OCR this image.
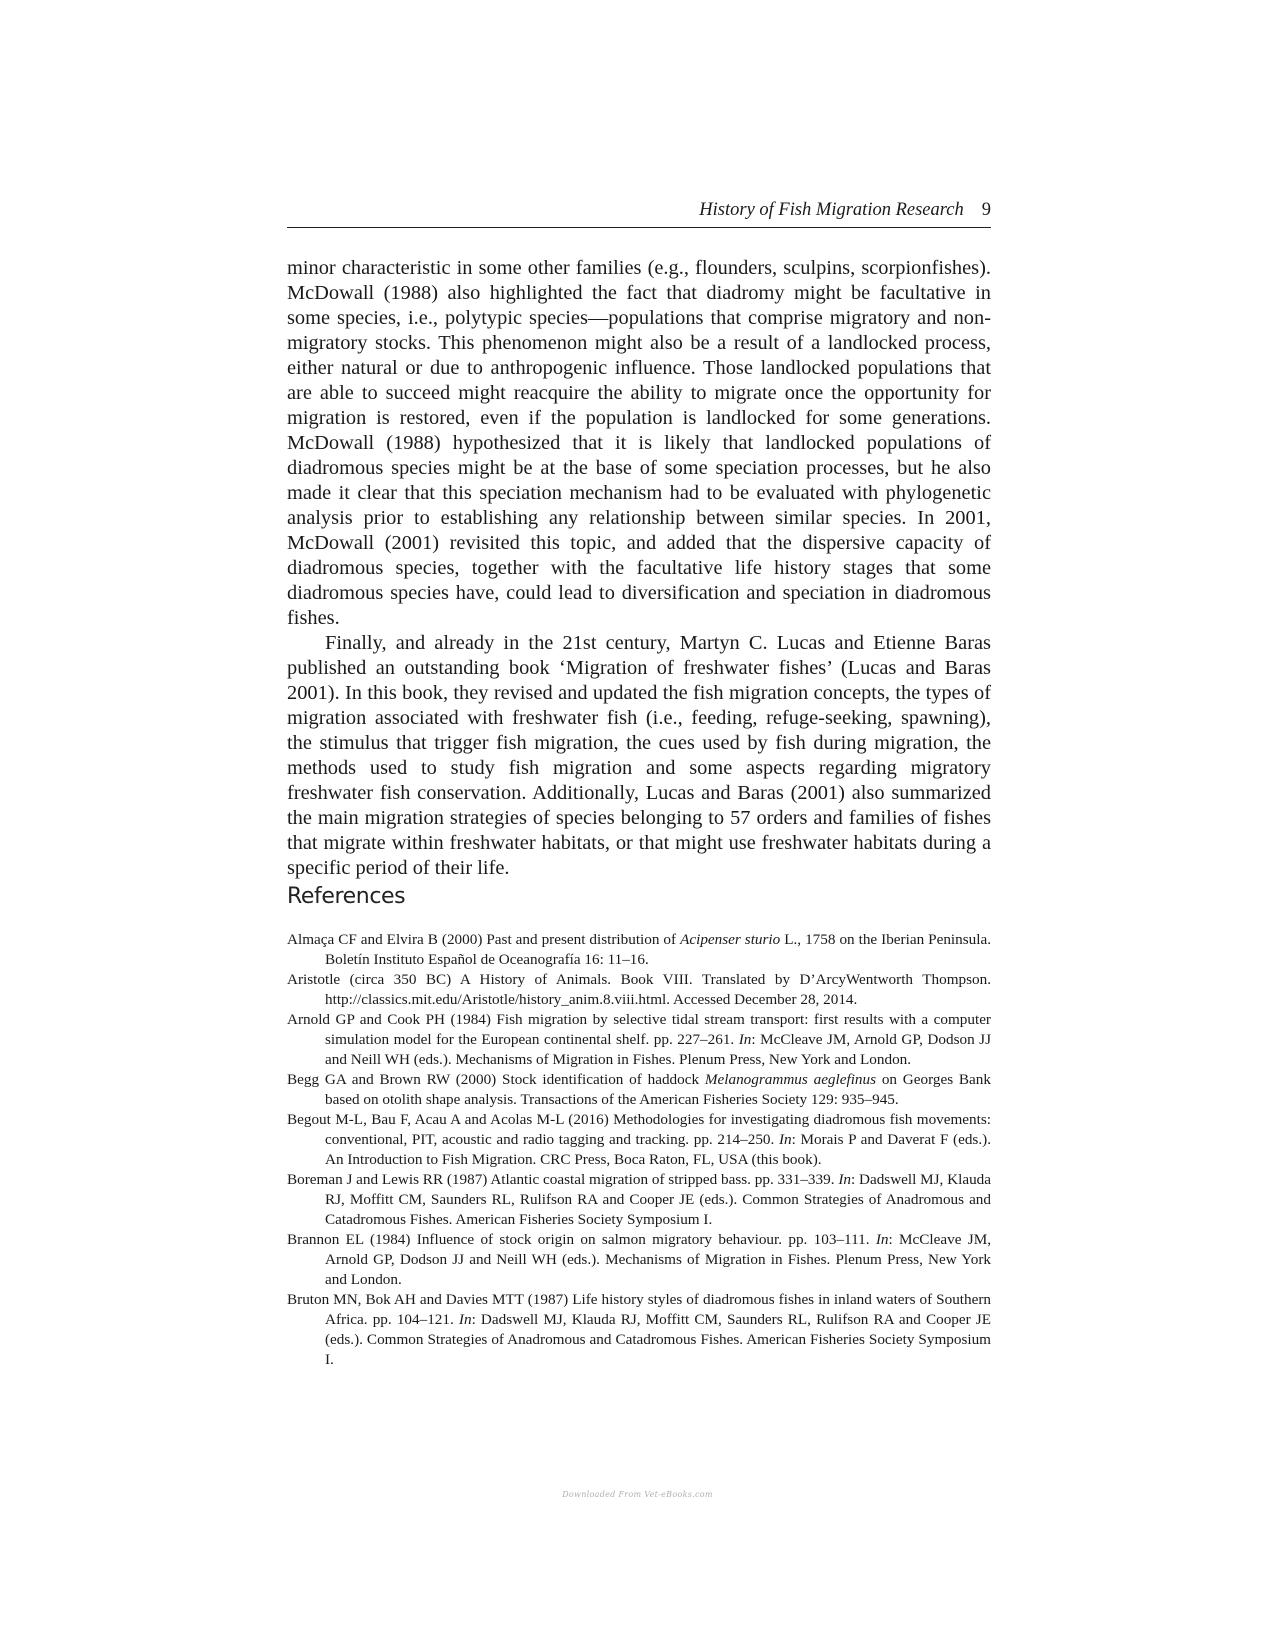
History of Fish Migration Research 9

minor characteristic in some other families (e.g., flounders, sculpins, scorpionfishes). McDowall (1988) also highlighted the fact that diadromy might be facultative in some species, i.e., polytypic species—populations that comprise migratory and non-migratory stocks. This phenomenon might also be a result of a landlocked process, either natural or due to anthropogenic influence. Those landlocked populations that are able to succeed might reacquire the ability to migrate once the opportunity for migration is restored, even if the population is landlocked for some generations. McDowall (1988) hypothesized that it is likely that landlocked populations of diadromous species might be at the base of some speciation processes, but he also made it clear that this speciation mechanism had to be evaluated with phylogenetic analysis prior to establishing any relationship between similar species. In 2001, McDowall (2001) revisited this topic, and added that the dispersive capacity of diadromous species, together with the facultative life history stages that some diadromous species have, could lead to diversification and speciation in diadromous fishes.

Finally, and already in the 21st century, Martyn C. Lucas and Etienne Baras published an outstanding book ‘Migration of freshwater fishes’ (Lucas and Baras 2001). In this book, they revised and updated the fish migration concepts, the types of migration associated with freshwater fish (i.e., feeding, refuge-seeking, spawning), the stimulus that trigger fish migration, the cues used by fish during migration, the methods used to study fish migration and some aspects regarding migratory freshwater fish conservation. Additionally, Lucas and Baras (2001) also summarized the main migration strategies of species belonging to 57 orders and families of fishes that migrate within freshwater habitats, or that might use freshwater habitats during a specific period of their life.

References
Almaça CF and Elvira B (2000) Past and present distribution of Acipenser sturio L., 1758 on the Iberian Peninsula. Boletín Instituto Español de Oceanografía 16: 11–16.
Aristotle (circa 350 BC) A History of Animals. Book VIII. Translated by D’ArcyWentworth Thompson. http://classics.mit.edu/Aristotle/history_anim.8.viii.html. Accessed December 28, 2014.
Arnold GP and Cook PH (1984) Fish migration by selective tidal stream transport: first results with a computer simulation model for the European continental shelf. pp. 227–261. In: McCleave JM, Arnold GP, Dodson JJ and Neill WH (eds.). Mechanisms of Migration in Fishes. Plenum Press, New York and London.
Begg GA and Brown RW (2000) Stock identification of haddock Melanogrammus aeglefinus on Georges Bank based on otolith shape analysis. Transactions of the American Fisheries Society 129: 935–945.
Begout M-L, Bau F, Acau A and Acolas M-L (2016) Methodologies for investigating diadromous fish movements: conventional, PIT, acoustic and radio tagging and tracking. pp. 214–250. In: Morais P and Daverat F (eds.). An Introduction to Fish Migration. CRC Press, Boca Raton, FL, USA (this book).
Boreman J and Lewis RR (1987) Atlantic coastal migration of stripped bass. pp. 331–339. In: Dadswell MJ, Klauda RJ, Moffitt CM, Saunders RL, Rulifson RA and Cooper JE (eds.). Common Strategies of Anadromous and Catadromous Fishes. American Fisheries Society Symposium I.
Brannon EL (1984) Influence of stock origin on salmon migratory behaviour. pp. 103–111. In: McCleave JM, Arnold GP, Dodson JJ and Neill WH (eds.). Mechanisms of Migration in Fishes. Plenum Press, New York and London.
Bruton MN, Bok AH and Davies MTT (1987) Life history styles of diadromous fishes in inland waters of Southern Africa. pp. 104–121. In: Dadswell MJ, Klauda RJ, Moffitt CM, Saunders RL, Rulifson RA and Cooper JE (eds.). Common Strategies of Anadromous and Catadromous Fishes. American Fisheries Society Symposium I.
Downloaded From Vet-eBooks.com
